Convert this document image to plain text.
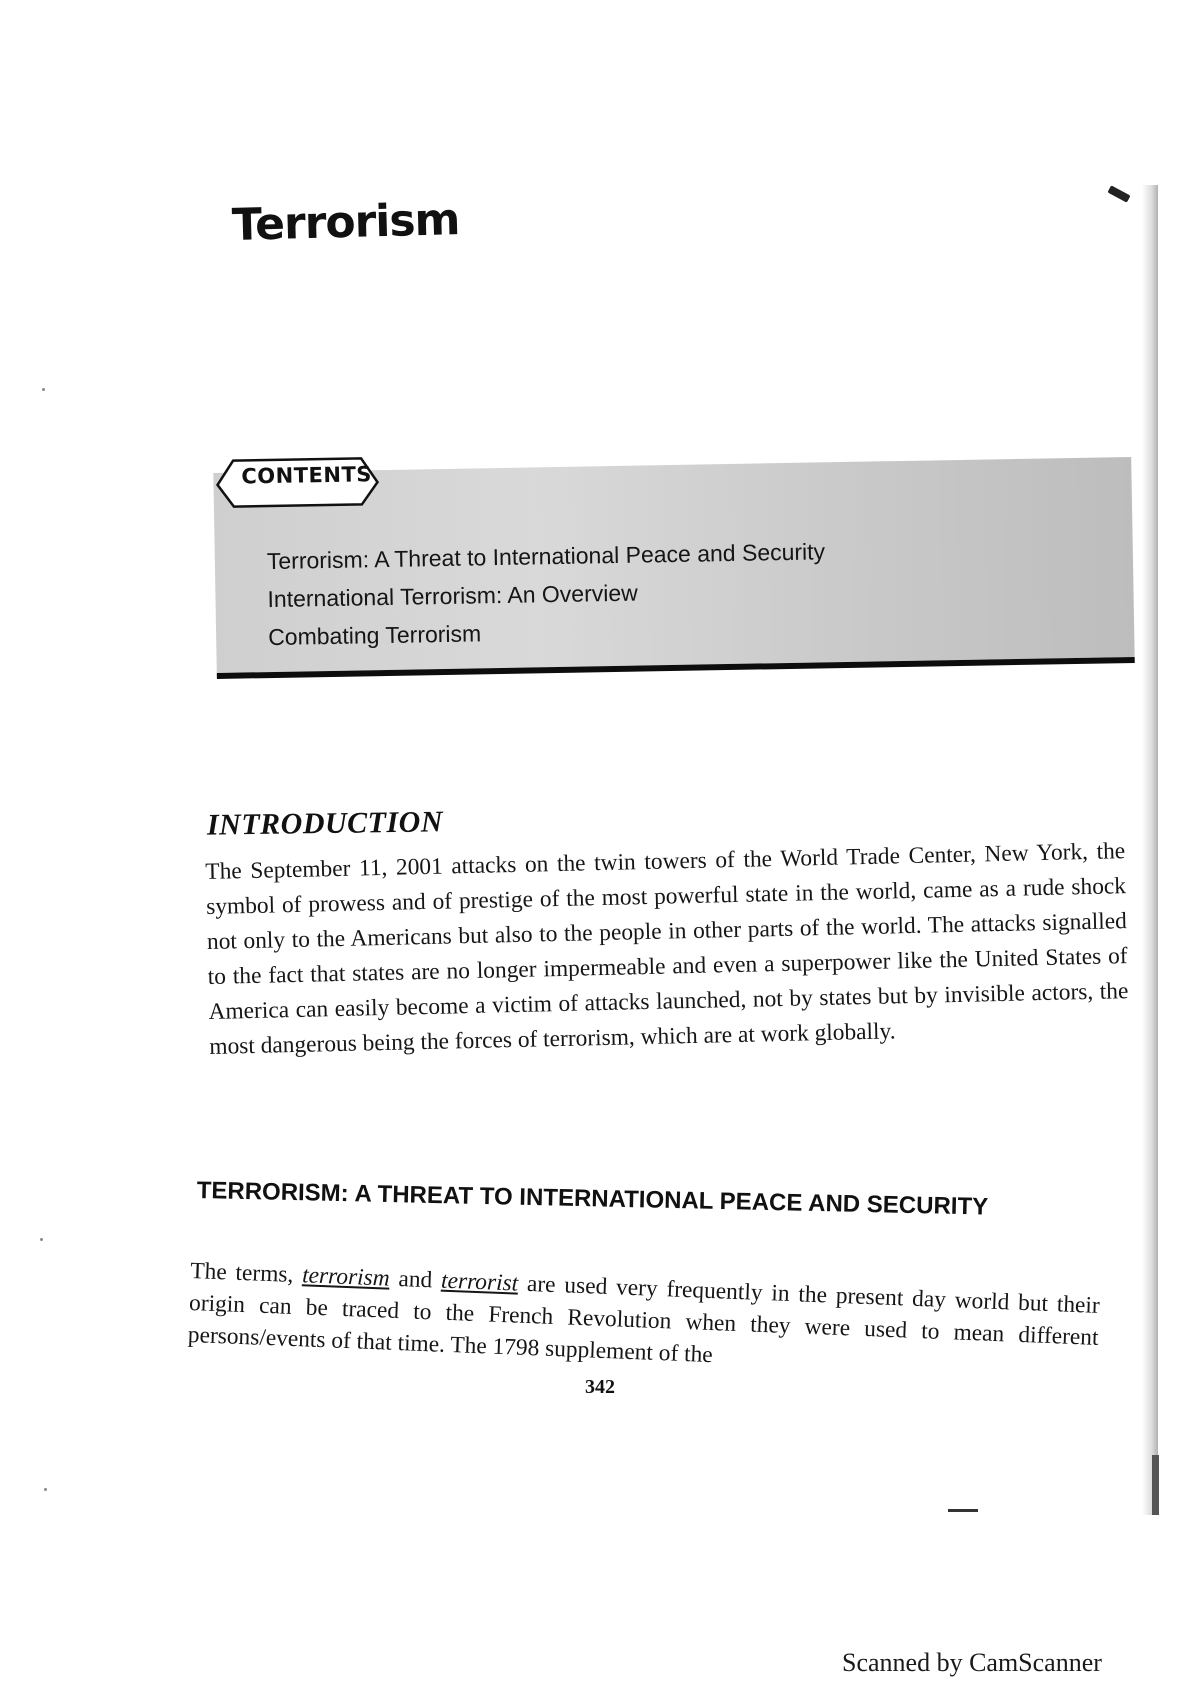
Terrorism
CONTENTS
Terrorism: A Threat to International Peace and Security
International Terrorism: An Overview
Combating Terrorism
INTRODUCTION
The September 11, 2001 attacks on the twin towers of the World Trade Center, New York, the symbol of prowess and of prestige of the most powerful state in the world, came as a rude shock not only to the Americans but also to the people in other parts of the world. The attacks signalled to the fact that states are no longer impermeable and even a superpower like the United States of America can easily become a victim of attacks launched, not by states but by invisible actors, the most dangerous being the forces of terrorism, which are at work globally.
TERRORISM: A THREAT TO INTERNATIONAL PEACE AND SECURITY
The terms, terrorism and terrorist are used very frequently in the present day world but their origin can be traced to the French Revolution when they were used to mean different persons/events of that time. The 1798 supplement of the
342
Scanned by CamScanner
